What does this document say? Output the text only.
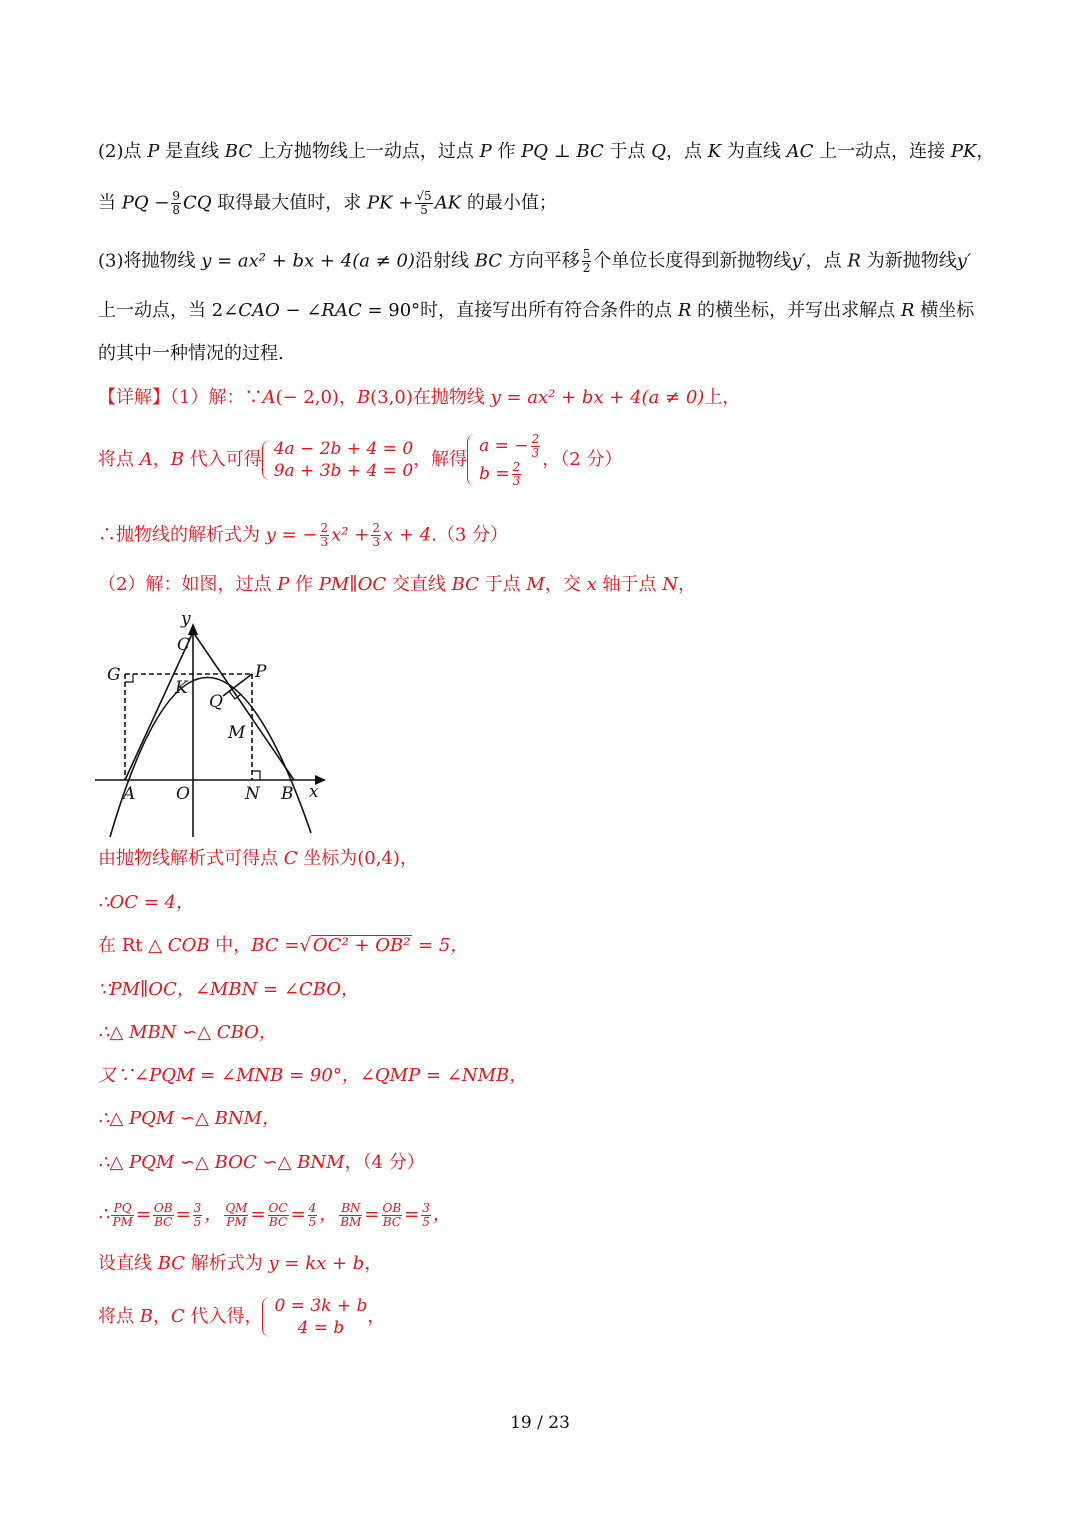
(2)点 P 是直线 BC 上方抛物线上一动点，过点 P 作 PQ ⊥ BC 于点 Q，点 K 为直线 AC 上一动点，连接 PK，
当 PQ − $\frac{9}{8}$ CQ 取得最大值时，求 PK + $\frac{√5}{5}$ AK 的最小值；
(3)将抛物线 y = ax² + bx + 4(a ≠ 0)沿射线 BC 方向平移 $\frac{5}{2}$ 个单位长度得到新抛物线y′，点 R 为新抛物线y′
上一动点，当 2∠CAO − ∠RAC = 90°时，直接写出所有符合条件的点 R 的横坐标，并写出求解点 R 横坐标
的其中一种情况的过程.
【详解】（1）解：∵A(− 2,0)，B(3,0)在抛物线 y = ax² + bx + 4(a ≠ 0)上，
将点 A，B 代入可得 4a − 2b + 4 = 0
9a + 3b + 4 = 0
，解得
a = − $\frac{2}{3}$
$b = \frac{2}{3}$
，（2 分）
∴抛物线的解析式为 y = − $\frac{2}{3} x^2 + \frac{2}{3}$ x + 4.（3 分）
（2）解：如图，过点 P 作 PM∥OC 交直线 BC 于点 M，交 x 轴于点 N，
y
x
C
G	P
K
Q
M
A O	N B
由抛物线解析式可得点 C 坐标为(0,4)，
∴OC = 4，
在 Rt △ COB 中，BC =√ OC² + OB² = 5，
∵PM∥OC，∠MBN = ∠CBO，
∴△ MBN ∽△ CBO，
又∵∠PQM = ∠MNB = 90°，∠QMP = ∠NMB，
∴△ PQM ∽△ BNM，
∴△ PQM ∽△ BOC ∽△ BNM，（4 分）
∴ $\frac{PQ}{PM} = \frac{OB}{BC} = \frac{3}{5}$ ， $\frac{QM}{PM} = \frac{OC}{BC} = \frac{4}{5}$ ， $\frac{BN}{BM} = \frac{OB}{BC} = \frac{3}{5}$ ，
设直线 BC 解析式为 y = kx + b，
将点 B，C 代入得， 0 = 3k + b
4 = b
，
19 / 23
